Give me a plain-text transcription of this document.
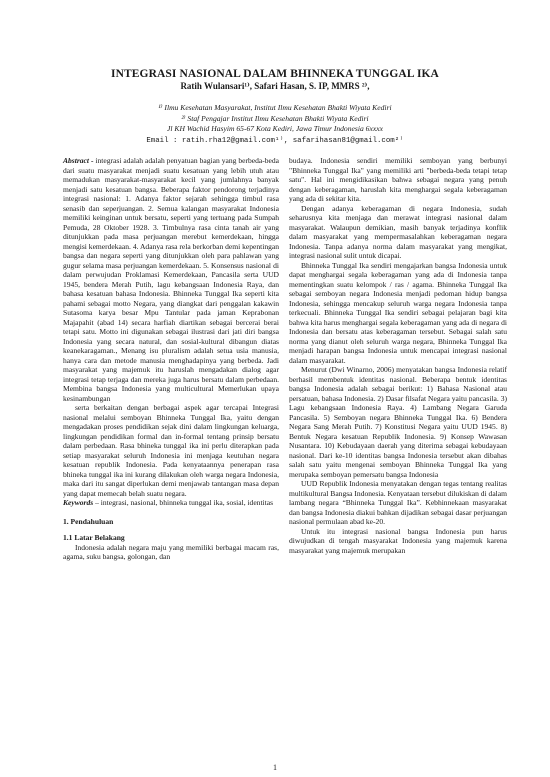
INTEGRASI NASIONAL DALAM BHINNEKA TUNGGAL IKA
Ratih Wulansari¹⁾, Safari Hasan, S. IP, MMRS ²⁾,
¹⁾ Ilmu Kesehatan Masyarakat, Institut Ilmu Kesehatan Bhakti Wiyata Kediri
²⁾ Staf Pengajar Institut Ilmu Kesehatan Bhakti Wiyata Kediri
Jl KH Wachid Hasyim 65-67 Kota Kediri, Jawa Timur Indonesia 6xxxx
Email : ratih.rha12@gmail.com¹⁾, safarihasan81@gmail.com²⁾

Abstract - integrasi adalah adalah penyatuan bagian yang berbeda-beda dari suatu masyarakat menjadi suatu kesatuan yang lebih utuh atau memadukan masyarakat-masyarakat kecil yang jumlahnya banyak menjadi satu kesatuan bangsa. Beberapa faktor pendorong terjadinya integrasi nasional: 1. Adanya faktor sejarah sehingga timbul rasa senasib dan seperjuangan. 2. Semua kalangan masyarakat Indonesia memiliki keinginan untuk bersatu, seperti yang tertuang pada Sumpah Pemuda, 28 Oktober 1928. 3. Timbulnya rasa cinta tanah air yang ditunjukkan pada masa perjuangan merebut kemerdekaan, hingga mengisi kemerdekaan. 4. Adanya rasa rela berkorban demi kepentingan bangsa dan negara seperti yang ditunjukkan oleh para pahlawan yang gugur selama masa perjuangan kemerdekaan. 5. Konsensus nasional di dalam perwujudan Proklamasi Kemerdekaan, Pancasila serta UUD 1945, bendera Merah Putih, lagu kebangsaan Indonesia Raya, dan bahasa kesatuan bahasa Indonesia. Bhinneka Tunggal Ika seperti kita pahami sebagai motto Negara, yang diangkat dari penggalan kakawin Sutasoma karya besar Mpu Tantular pada jaman Keprabonan Majapahit (abad 14) secara harfiah diartikan sebagai bercerai berai tetapi satu. Motto ini digunakan sebagai ilustrasi dari jati diri bangsa Indonesia yang secara natural, dan sosial-kultural dibangun diatas keanekaragaman., Menang isu pluralism adalah setua usia manusia, hanya cara dan metode manusia menghadapinya yang berbeda. Jadi masyarakat yang majemuk itu haruslah mengadakan dialog agar integrasi tetap terjaga dan mereka juga harus bersatu dalam perbedaan. Membina bangsa Indonesia yang multicultural Memerlukan upaya kesinambungan

serta berkaitan dengan berbagai aspek agar tercapai Integrasi nasional melalui semboyan Bhinneka Tunggal Ika, yaitu dengan mengadakan proses pendidikan sejak dini dalam lingkungan keluarga, lingkungan pendidikan formal dan in-formal tentang prinsip bersatu dalam perbedaan. Rasa bhineka tunggal ika ini perlu diterapkan pada setiap masyarakat seluruh Indonesia ini menjaga keutuhan negara kesatuan republik Indonesia. Pada kenyataannya penerapan rasa bhineka tunggal ika ini kurang dilakukan oleh warga negara Indonesia, maka dari itu sangat diperlukan demi menjawab tantangan masa depan yang dapat memecah belah suatu negara.

Keywords – integrasi, nasional, bhinneka tunggal ika, sosial, identitas

1. Pendahuluan

1.1 Latar Belakang

Indonesia adalah negara maju yang memiliki berbagai macam ras, agama, suku bangsa, golongan, dan

budaya. Indonesia sendiri memiliki semboyan yang berbunyi "Bhinneka Tunggal Ika" yang memiliki arti "berbeda-beda tetapi tetap satu". Hal ini mengidikasikan bahwa sebagai negara yang penuh dengan keberagaman, haruslah kita menghargai segala keberagaman yang ada di sekitar kita.

Dengan adanya keberagaman di negara Indonesia, sudah seharusnya kita menjaga dan merawat integrasi nasional dalam masyarakat. Walaupun demikian, masih banyak terjadinya konflik dalam masyarakat yang mempermasalahkan keberagaman negara Indonesia. Tanpa adanya norma dalam masyarakat yang mengikat, integrasi nasional sulit untuk dicapai.

Bhinneka Tunggal Ika sendiri mengajarkan bangsa Indonesia untuk dapat menghargai segala keberagaman yang ada di Indonesia tanpa mementingkan suatu kelompok / ras / agama. Bhinneka Tunggal Ika sebagai semboyan negara Indonesia menjadi pedoman hidup bangsa Indonesia, sehingga mencakup seluruh warga negara Indonesia tanpa terkecuali. Bhinneka Tunggal Ika sendiri sebagai pelajaran bagi kita bahwa kita harus menghargai segala keberagaman yang ada di negara di Indonesia dan bersatu atas keberagaman tersebut. Sebagai salah satu norma yang dianut oleh seluruh warga negara, Bhinneka Tunggal Ika menjadi harapan bangsa Indonesia untuk mencapai integrasi nasional dalam masyarakat.

Menurut (Dwi Winarno, 2006) menyatakan bangsa Indonesia relatif berhasil membentuk identitas nasional. Beberapa bentuk identitas bangsa Indonesia adalah sebagai berikut: 1) Bahasa Nasional atau persatuan, bahasa Indonesia. 2) Dasar filsafat Negara yaitu pancasila. 3) Lagu kebangsaan Indonesia Raya. 4) Lambang Negara Garuda Pancasila. 5) Semboyan negara Bhinneka Tunggal Ika. 6) Bendera Negara Sang Merah Putih. 7) Konstitusi Negara yaitu UUD 1945. 8) Bentuk Negara kesatuan Republik Indonesia. 9) Konsep Wawasan Nusantara. 10) Kebudayaan daerah yang diterima sebagai kebudayaan nasional. Dari ke-10 identitas bangsa Indonesia tersebut akan dibahas salah satu yaitu mengenai semboyan Bhinneka Tunggal Ika yang merupaka semboyan pemersatu bangsa Indonesia

UUD Republik Indonesia menyatakan dengan tegas tentang realitas multikultural Bangsa Indonesia. Kenyataan tersebut dilukiskan di dalam lambang negara “Bhinneka Tunggal Ika”. Kebhinnekaan masyarakat dan bangsa Indonesia diakui bahkan dijadikan sebagai dasar perjuangan nasional permulaan abad ke-20.

Untuk itu integrasi nasional bangsa Indonesia pun harus diwujudkan di tengah masyarakat Indonesia yang majemuk karena masyarakat yang majemuk merupakan

1
